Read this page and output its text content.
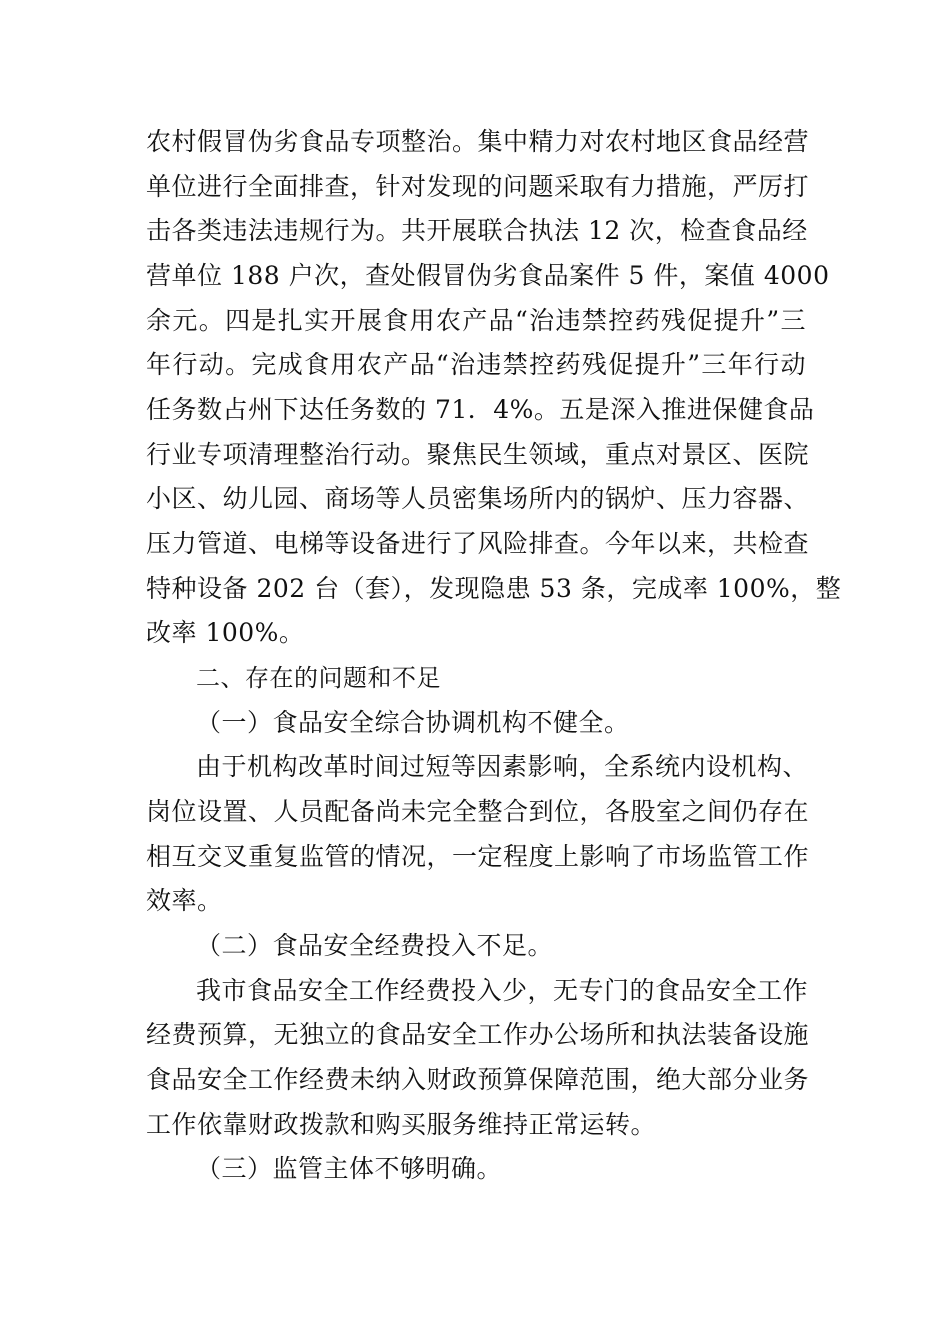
农村假冒伪劣食品专项整治。集中精力对农村地区食品经营
单位进行全面排查，针对发现的问题采取有力措施，严厉打
击各类违法违规行为。共开展联合执法 12 次，检查食品经
营单位 188 户次，查处假冒伪劣食品案件 5 件，案值 4000
余元。四是扎实开展食用农产品“治违禁控药残促提升”三
年行动。完成食用农产品“治违禁控药残促提升”三年行动
任务数占州下达任务数的 71．4%。五是深入推进保健食品
行业专项清理整治行动。聚焦民生领域，重点对景区、医院
小区、幼儿园、商场等人员密集场所内的锅炉、压力容器、
压力管道、电梯等设备进行了风险排查。今年以来，共检查
特种设备 202 台（套），发现隐患 53 条，完成率 100%，整
改率 100%。
二、存在的问题和不足
（一）食品安全综合协调机构不健全。
由于机构改革时间过短等因素影响，全系统内设机构、
岗位设置、人员配备尚未完全整合到位，各股室之间仍存在
相互交叉重复监管的情况，一定程度上影响了市场监管工作
效率。
（二）食品安全经费投入不足。
我市食品安全工作经费投入少，无专门的食品安全工作
经费预算，无独立的食品安全工作办公场所和执法装备设施
食品安全工作经费未纳入财政预算保障范围，绝大部分业务
工作依靠财政拨款和购买服务维持正常运转。
（三）监管主体不够明确。
